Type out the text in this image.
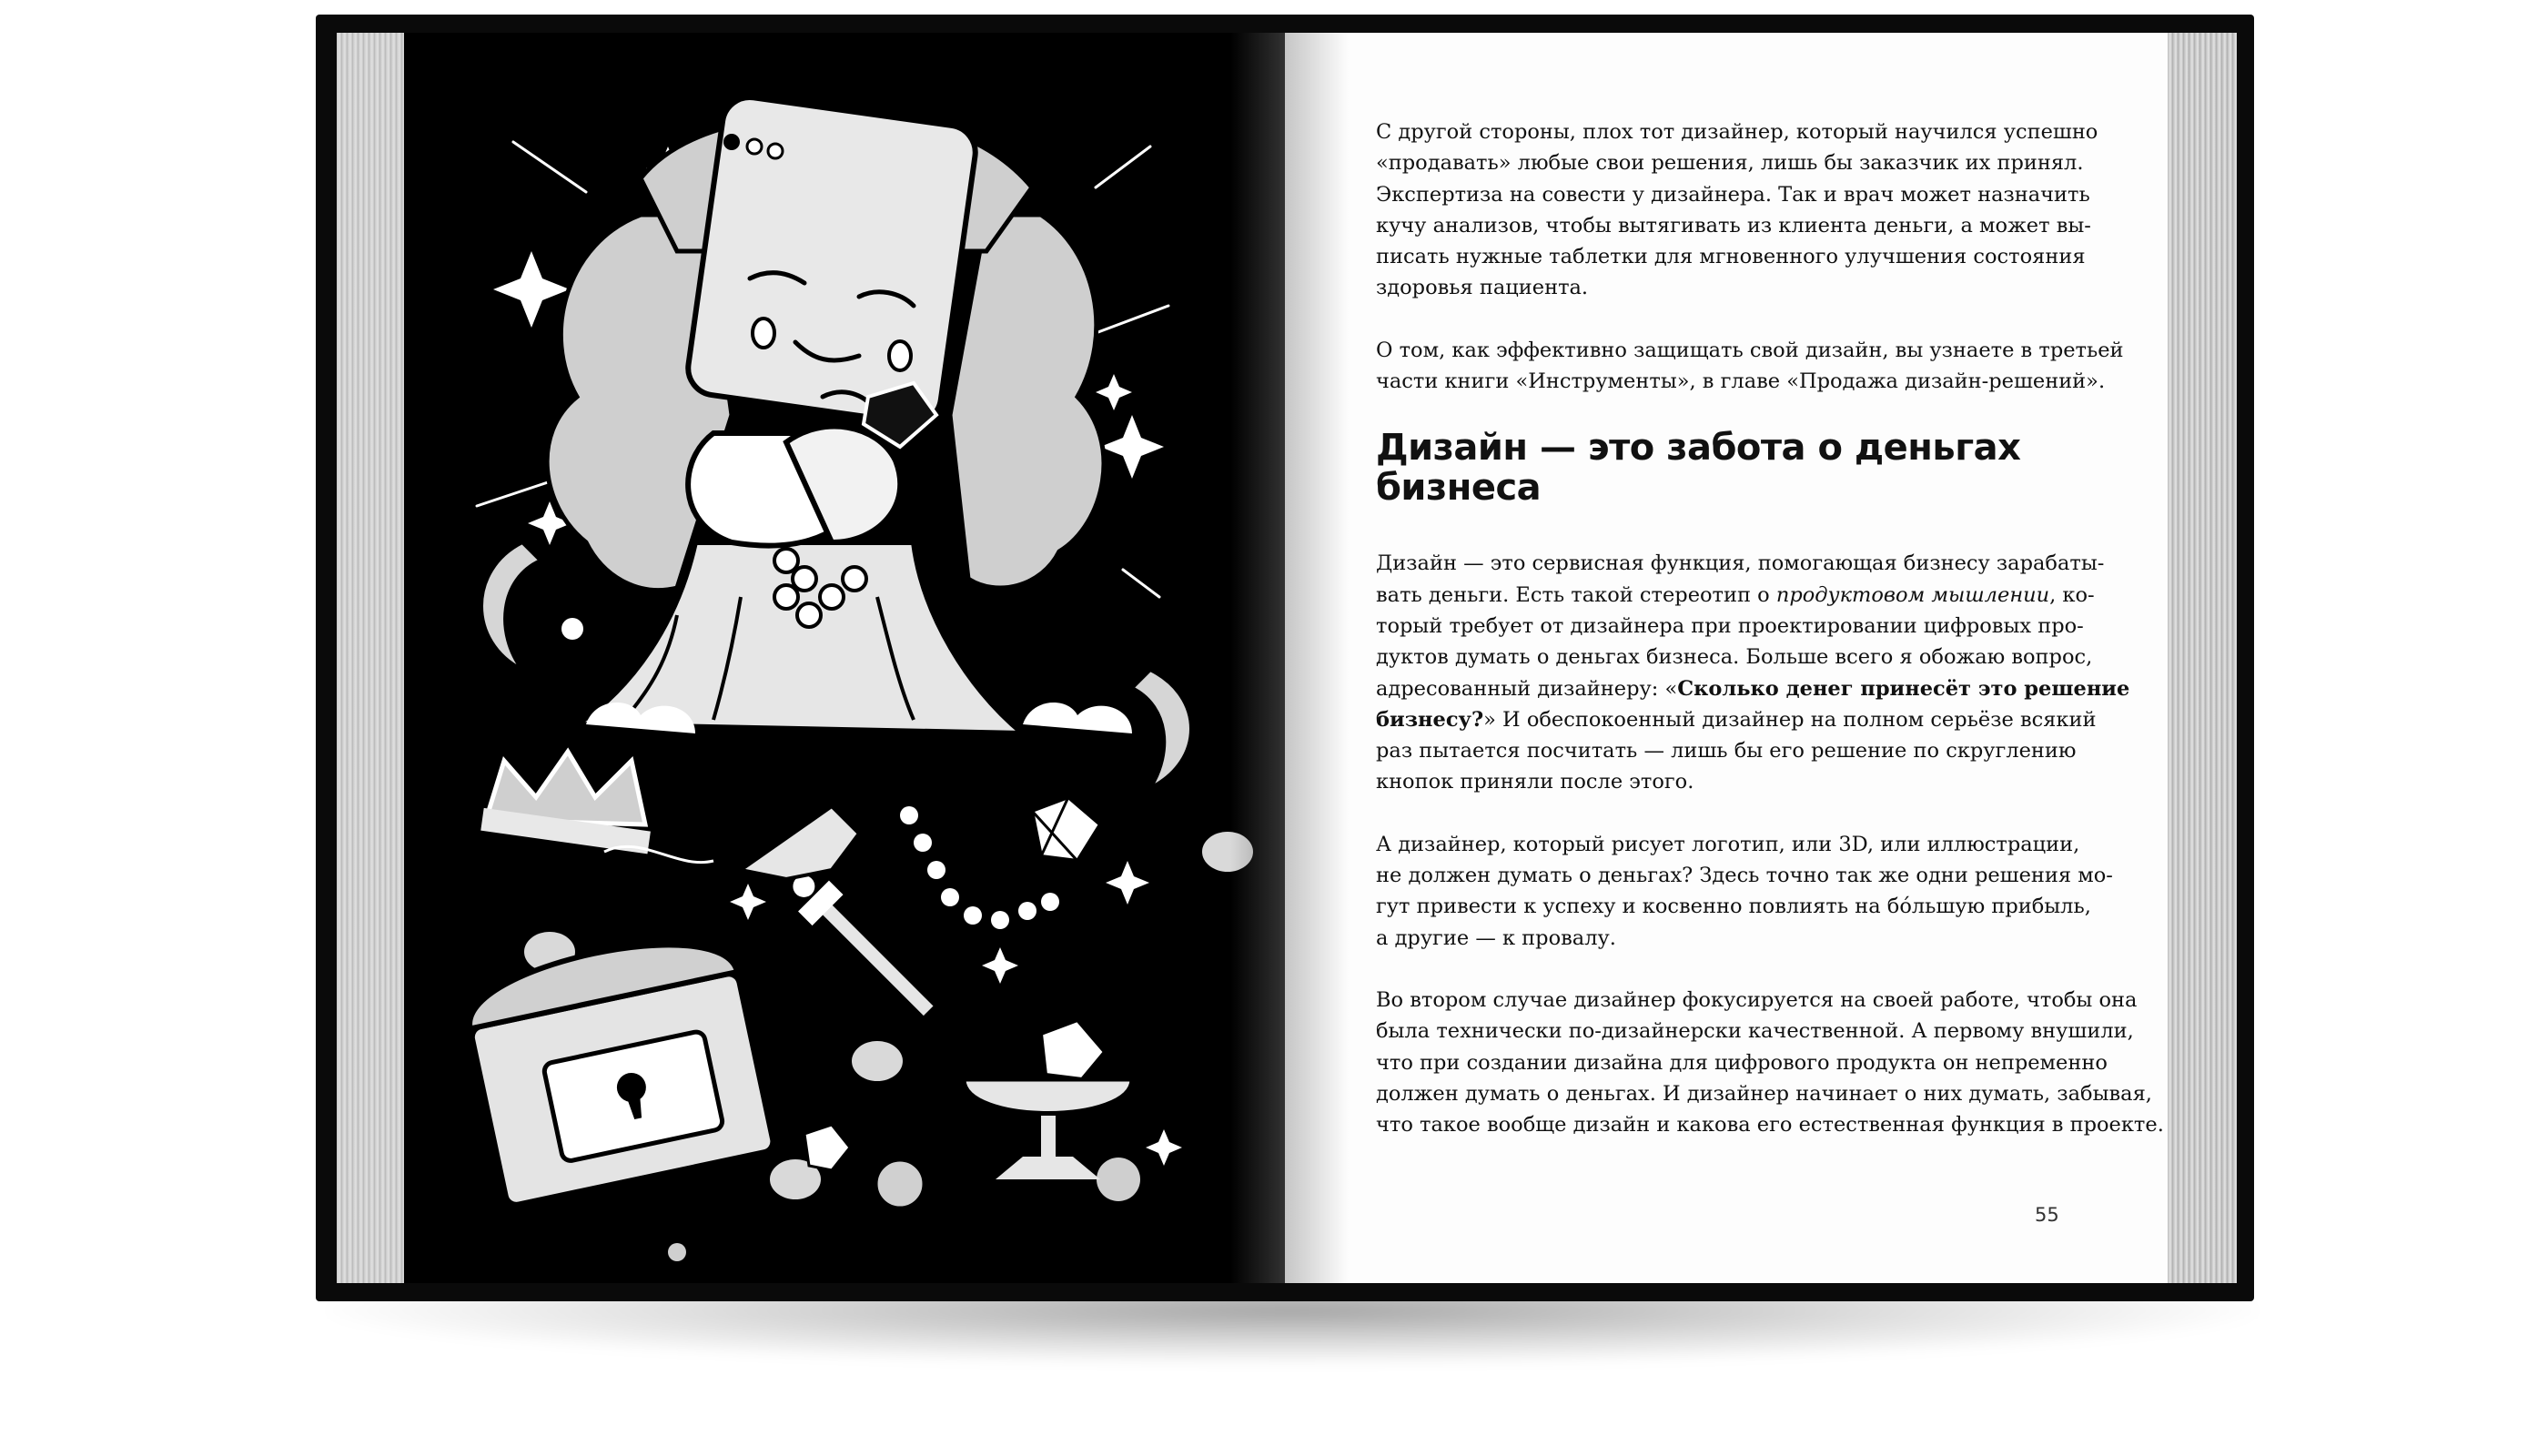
С другой стороны, плох тот дизайнер, который научился успешно
«продавать» любые свои решения, лишь бы заказчик их принял.
Экспертиза на совести у дизайнера. Так и врач может назначить
кучу анализов, чтобы вытягивать из клиента деньги, а может вы-
писать нужные таблетки для мгновенного улучшения состояния
здоровья пациента.

О том, как эффективно защищать свой дизайн, вы узнаете в третьей
части книги «Инструменты», в главе «Продажа дизайн-решений».

Дизайн — это забота о деньгах
бизнеса

Дизайн — это сервисная функция, помогающая бизнесу зарабаты-
вать деньги. Есть такой стереотип о продуктовом мышлении, ко-
торый требует от дизайнера при проектировании цифровых про-
дуктов думать о деньгах бизнеса. Больше всего я обожаю вопрос,
адресованный дизайнеру: «Сколько денег принесёт это решение
бизнесу?» И обеспокоенный дизайнер на полном серьёзе всякий
раз пытается посчитать — лишь бы его решение по скруглению
кнопок приняли после этого.

А дизайнер, который рисует логотип, или 3D, или иллюстрации,
не должен думать о деньгах? Здесь точно так же одни решения мо-
гут привести к успеху и косвенно повлиять на бо́льшую прибыль,
а другие — к провалу.

Во втором случае дизайнер фокусируется на своей работе, чтобы она
была технически по-дизайнерски качественной. А первому внушили,
что при создании дизайна для цифрового продукта он непременно
должен думать о деньгах. И дизайнер начинает о них думать, забывая,
что такое вообще дизайн и какова его естественная функция в проекте.

55
